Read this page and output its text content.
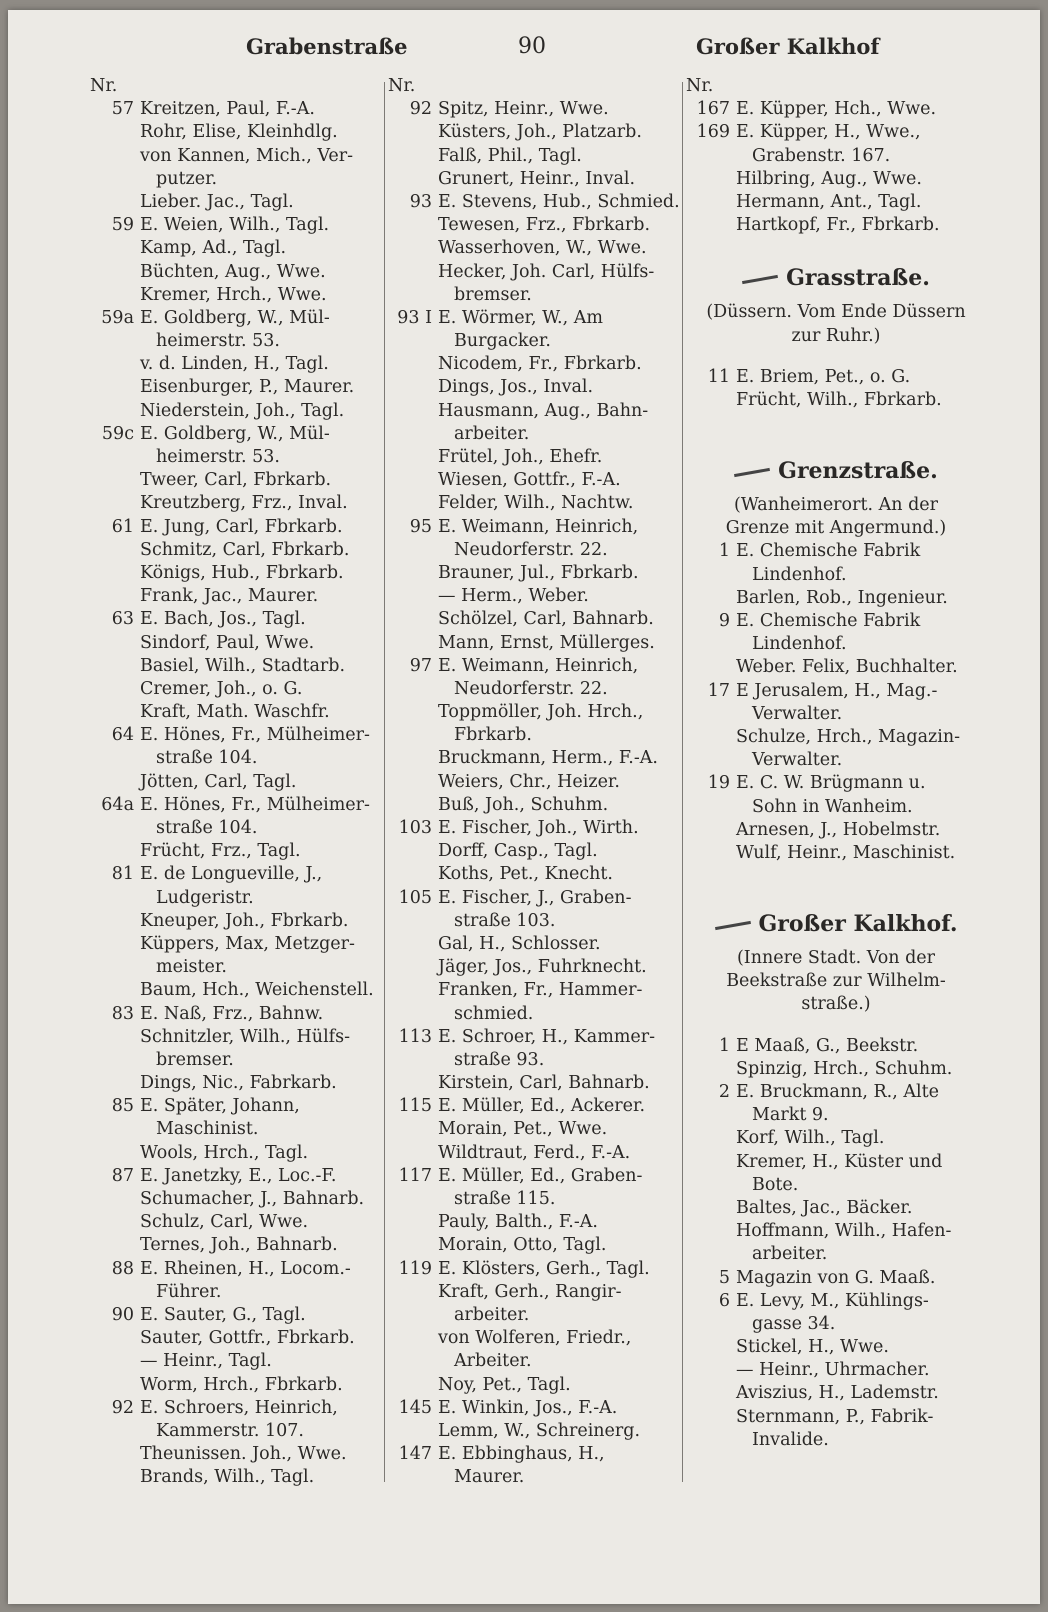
Grabenstraße	90	Großer Kalkhof
Nr.
57 Kreitzen, Paul, F.-A.
Rohr, Elise, Kleinhdlg.
von Kannen, Mich., Ver-
putzer.
Lieber. Jac., Tagl.
59 E. Weien, Wilh., Tagl.
Kamp, Ad., Tagl.
Büchten, Aug., Wwe.
Kremer, Hrch., Wwe.
59a E. Goldberg, W., Mül-
heimerstr. 53.
v. d. Linden, H., Tagl.
Eisenburger, P., Maurer.
Niederstein, Joh., Tagl.
59c E. Goldberg, W., Mül-
heimerstr. 53.
Tweer, Carl, Fbrkarb.
Kreutzberg, Frz., Inval.
61 E. Jung, Carl, Fbrkarb.
Schmitz, Carl, Fbrkarb.
Königs, Hub., Fbrkarb.
Frank, Jac., Maurer.
63 E. Bach, Jos., Tagl.
Sindorf, Paul, Wwe.
Basiel, Wilh., Stadtarb.
Cremer, Joh., o. G.
Kraft, Math. Waschfr.
64 E. Hönes, Fr., Mülheimer-
straße 104.
Jötten, Carl, Tagl.
64a E. Hönes, Fr., Mülheimer-
straße 104.
Frücht, Frz., Tagl.
81 E. de Longueville, J.,
Ludgeristr.
Kneuper, Joh., Fbrkarb.
Küppers, Max, Metzger-
meister.
Baum, Hch., Weichenstell.
83 E. Naß, Frz., Bahnw.
Schnitzler, Wilh., Hülfs-
bremser.
Dings, Nic., Fabrkarb.
85 E. Später, Johann,
Maschinist.
Wools, Hrch., Tagl.
87 E. Janetzky, E., Loc.-F.
Schumacher, J., Bahnarb.
Schulz, Carl, Wwe.
Ternes, Joh., Bahnarb.
88 E. Rheinen, H., Locom.-
Führer.
90 E. Sauter, G., Tagl.
Sauter, Gottfr., Fbrkarb.
— Heinr., Tagl.
Worm, Hrch., Fbrkarb.
92 E. Schroers, Heinrich,
Kammerstr. 107.
Theunissen. Joh., Wwe.
Brands, Wilh., Tagl.
Nr.
92 Spitz, Heinr., Wwe.
Küsters, Joh., Platzarb.
Falß, Phil., Tagl.
Grunert, Heinr., Inval.
93 E. Stevens, Hub., Schmied.
Tewesen, Frz., Fbrkarb.
Wasserhoven, W., Wwe.
Hecker, Joh. Carl, Hülfs-
bremser.
93 I E. Wörmer, W., Am
Burgacker.
Nicodem, Fr., Fbrkarb.
Dings, Jos., Inval.
Hausmann, Aug., Bahn-
arbeiter.
Frütel, Joh., Ehefr.
Wiesen, Gottfr., F.-A.
Felder, Wilh., Nachtw.
95 E. Weimann, Heinrich,
Neudorferstr. 22.
Brauner, Jul., Fbrkarb.
— Herm., Weber.
Schölzel, Carl, Bahnarb.
Mann, Ernst, Müllerges.
97 E. Weimann, Heinrich,
Neudorferstr. 22.
Toppmöller, Joh. Hrch.,
Fbrkarb.
Bruckmann, Herm., F.-A.
Weiers, Chr., Heizer.
Buß, Joh., Schuhm.
103 E. Fischer, Joh., Wirth.
Dorff, Casp., Tagl.
Koths, Pet., Knecht.
105 E. Fischer, J., Graben-
straße 103.
Gal, H., Schlosser.
Jäger, Jos., Fuhrknecht.
Franken, Fr., Hammer-
schmied.
113 E. Schroer, H., Kammer-
straße 93.
Kirstein, Carl, Bahnarb.
115 E. Müller, Ed., Ackerer.
Morain, Pet., Wwe.
Wildtraut, Ferd., F.-A.
117 E. Müller, Ed., Graben-
straße 115.
Pauly, Balth., F.-A.
Morain, Otto, Tagl.
119 E. Klösters, Gerh., Tagl.
Kraft, Gerh., Rangir-
arbeiter.
von Wolferen, Friedr.,
Arbeiter.
Noy, Pet., Tagl.
145 E. Winkin, Jos., F.-A.
Lemm, W., Schreinerg.
147 E. Ebbinghaus, H.,
Maurer.
Nr.
167 E. Küpper, Hch., Wwe.
169 E. Küpper, H., Wwe.,
Grabenstr. 167.
Hilbring, Aug., Wwe.
Hermann, Ant., Tagl.
Hartkopf, Fr., Fbrkarb.
Grasstraße.
(Düssern. Vom Ende Düssern
zur Ruhr.)
11 E. Briem, Pet., o. G.
Frücht, Wilh., Fbrkarb.
Grenzstraße.
(Wanheimerort. An der
Grenze mit Angermund.)
1 E. Chemische Fabrik
Lindenhof.
Barlen, Rob., Ingenieur.
9 E. Chemische Fabrik
Lindenhof.
Weber. Felix, Buchhalter.
17 E Jerusalem, H., Mag.-
Verwalter.
Schulze, Hrch., Magazin-
Verwalter.
19 E. C. W. Brügmann u.
Sohn in Wanheim.
Arnesen, J., Hobelmstr.
Wulf, Heinr., Maschinist.
Großer Kalkhof.
(Innere Stadt. Von der
Beekstraße zur Wilhelm-
straße.)
1 E Maaß, G., Beekstr.
Spinzig, Hrch., Schuhm.
2 E. Bruckmann, R., Alte
Markt 9.
Korf, Wilh., Tagl.
Kremer, H., Küster und
Bote.
Baltes, Jac., Bäcker.
Hoffmann, Wilh., Hafen-
arbeiter.
5 Magazin von G. Maaß.
6 E. Levy, M., Kühlings-
gasse 34.
Stickel, H., Wwe.
— Heinr., Uhrmacher.
Aviszius, H., Lademstr.
Sternmann, P., Fabrik-
Invalide.
